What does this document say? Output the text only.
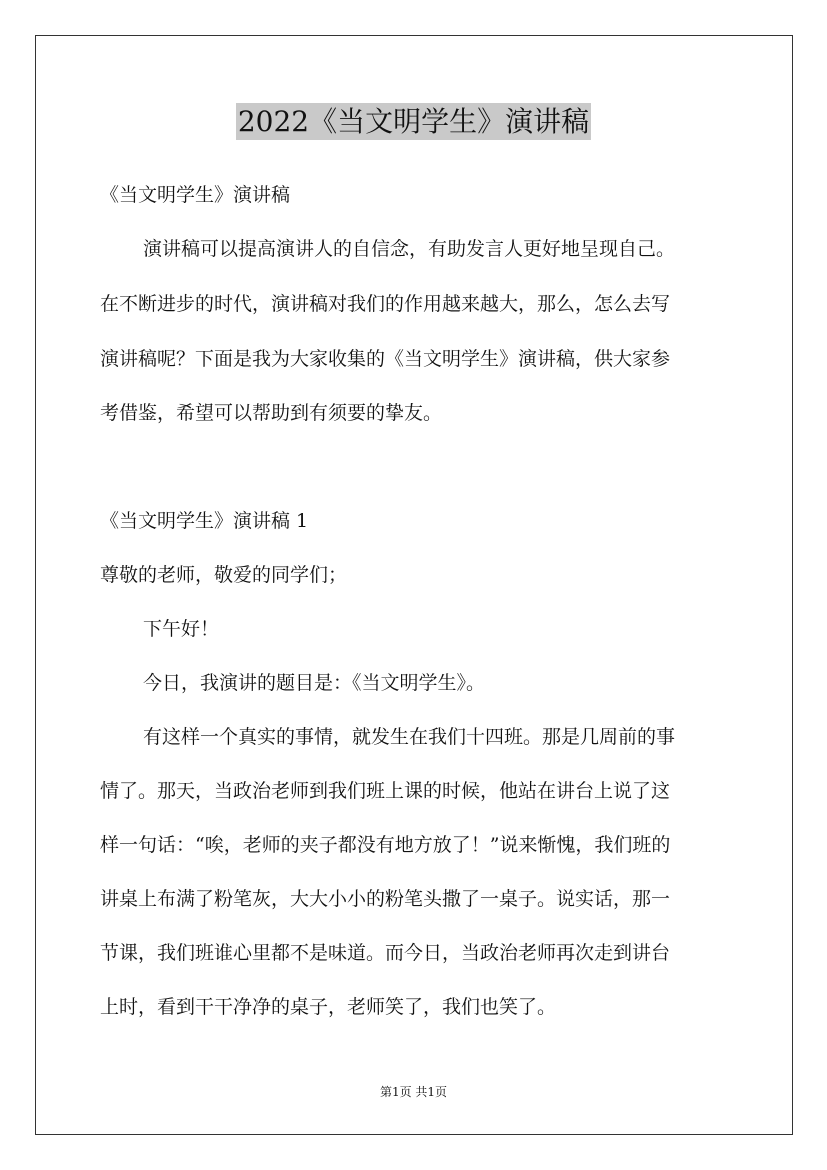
2022《当文明学生》演讲稿
《当文明学生》演讲稿
演讲稿可以提高演讲人的自信念，有助发言人更好地呈现自己。
在不断进步的时代，演讲稿对我们的作用越来越大，那么，怎么去写
演讲稿呢？下面是我为大家收集的《当文明学生》演讲稿，供大家参
考借鉴，希望可以帮助到有须要的挚友。
《当文明学生》演讲稿 1
尊敬的老师，敬爱的同学们；
下午好！
今日，我演讲的题目是：《当文明学生》。
有这样一个真实的事情，就发生在我们十四班。那是几周前的事
情了。那天，当政治老师到我们班上课的时候，他站在讲台上说了这
样一句话：“唉，老师的夹子都没有地方放了！”说来惭愧，我们班的
讲桌上布满了粉笔灰，大大小小的粉笔头撒了一桌子。说实话，那一
节课，我们班谁心里都不是味道。而今日，当政治老师再次走到讲台
上时，看到干干净净的桌子，老师笑了，我们也笑了。
第1页 共1页
